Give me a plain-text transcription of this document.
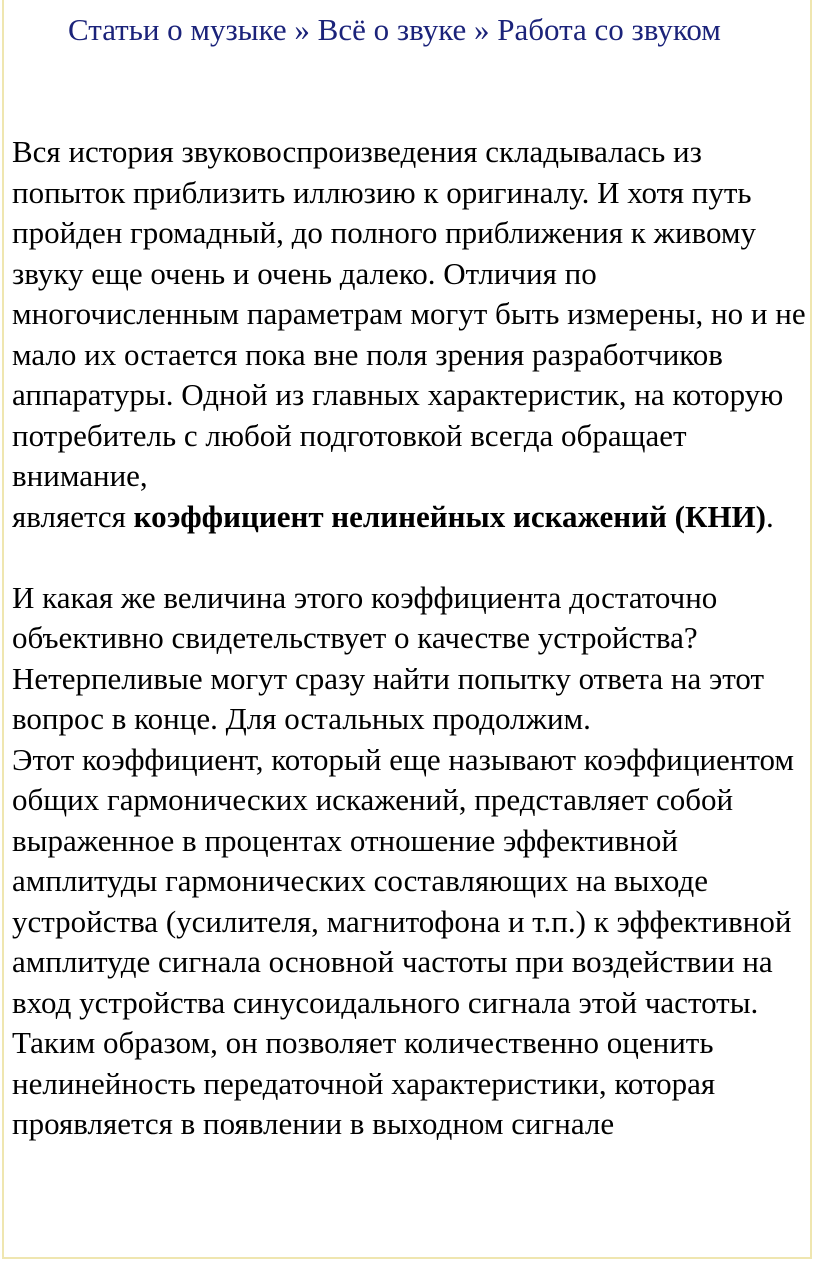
Статьи о музыке » Всё о звуке » Работа со звуком

Вся история звуковоспроизведения складывалась из попыток приблизить иллюзию к оригиналу. И хотя путь пройден громадный, до полного приближения к живому звуку еще очень и очень далеко. Отличия по многочисленным параметрам могут быть измерены, но и не мало их остается пока вне поля зрения разработчиков аппаратуры. Одной из главных характеристик, на которую потребитель с любой подготовкой всегда обращает внимание,
является коэффициент нелинейных искажений (КНИ).

И какая же величина этого коэффициента достаточно объективно свидетельствует о качестве устройства? Нетерпеливые могут сразу найти попытку ответа на этот вопрос в конце. Для остальных продолжим.

Этот коэффициент, который еще называют коэффициентом общих гармонических искажений, представляет собой выраженное в процентах отношение эффективной амплитуды гармонических составляющих на выходе устройства (усилителя, магнитофона и т.п.) к эффективной амплитуде сигнала основной частоты при воздействии на вход устройства синусоидального сигнала этой частоты. Таким образом, он позволяет количественно оценить нелинейность передаточной характеристики, которая проявляется в появлении в выходном сигнале
